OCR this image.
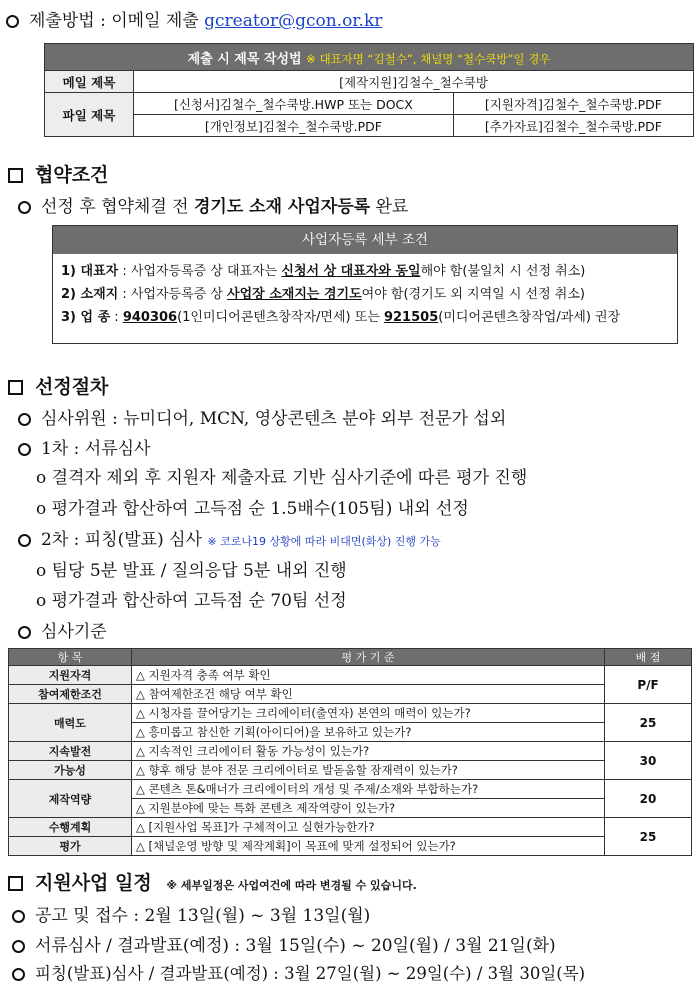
제출방법 : 이메일 제출 gcreator@gcon.or.kr
제출 시 제목 작성법 ※ 대표자명 “김철수”, 채널명 “철수쿡방”일 경우		
메일 제목	[제작지원]김철수_철수쿡방	
파일 제목	[신청서]김철수_철수쿡방.HWP 또는 DOCX	[지원자격]김철수_철수쿡방.PDF
	[개인정보]김철수_철수쿡방.PDF	[추가자료]김철수_철수쿡방.PDF
협약조건
선정 후 협약체결 전 경기도 소재 사업자등록 완료
사업자등록 세부 조건
1) 대표자 : 사업자등록증 상 대표자는 신청서 상 대표자와 동일해야 함(불일치 시 선정 취소)
2) 소재지 : 사업자등록증 상 사업장 소재지는 경기도여야 함(경기도 외 지역일 시 선정 취소)
3) 업 종 : 940306(1인미디어콘텐츠창작자/면세) 또는 921505(미디어콘텐츠창작업/과세) 권장
선정절차
심사위원 : 뉴미디어, MCN, 영상콘텐츠 분야 외부 전문가 섭외
1차 : 서류심사
o 결격자 제외 후 지원자 제출자료 기반 심사기준에 따른 평가 진행
o 평가결과 합산하여 고득점 순 1.5배수(105팀) 내외 선정
2차 : 피칭(발표) 심사 ※ 코로나19 상황에 따라 비대면(화상) 진행 가능
o 팀당 5분 발표 / 질의응답 5분 내외 진행
o 평가결과 합산하여 고득점 순 70팀 선정
심사기준
항 목	평 가 기 준	배 점
지원자격	△ 지원자격 충족 여부 확인	P/F
참여제한조건	△ 참여제한조건 해당 여부 확인	
매력도	△ 시청자를 끌어당기는 크리에이터(출연자) 본연의 매력이 있는가?	25
	△ 흥미롭고 참신한 기획(아이디어)을 보유하고 있는가?	
지속발전	△ 지속적인 크리에이터 활동 가능성이 있는가?	30
가능성	△ 향후 해당 분야 전문 크리에이터로 발돋움할 잠재력이 있는가?	
제작역량	△ 콘텐츠 톤&매너가 크리에이터의 개성 및 주제/소재와 부합하는가?	20
	△ 지원분야에 맞는 특화 콘텐츠 제작역량이 있는가?	
수행계획	△ [지원사업 목표]가 구체적이고 실현가능한가?	25
평가	△ [채널운영 방향 및 제작계획]이 목표에 맞게 설정되어 있는가?	
지원사업 일정 ※ 세부일정은 사업여건에 따라 변경될 수 있습니다.
공고 및 접수 : 2월 13일(월) ~ 3월 13일(월)
서류심사 / 결과발표(예정) : 3월 15일(수) ~ 20일(월) / 3월 21일(화)
피칭(발표)심사 / 결과발표(예정) : 3월 27일(월) ~ 29일(수) / 3월 30일(목)
